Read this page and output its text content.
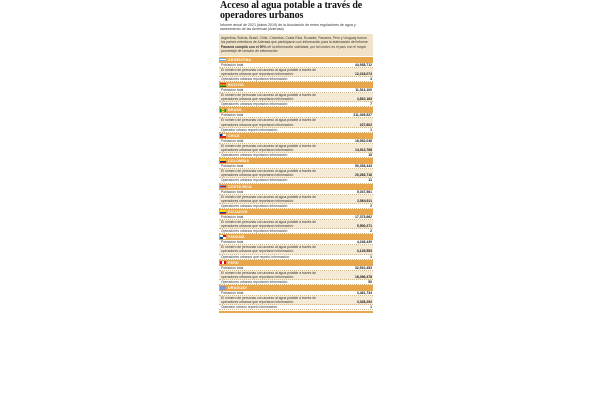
Acceso al agua potable a través de operadores urbanos
Informe anual de 2021 (datos 2019) de la Asociación de entes reguladores de agua y saneamiento de las Américas (Aderasa)

Argentina, Bolivia, Brasil, Chile, Colombia, Costa Rica, Ecuador, Panamá, Perú y Uruguay fueron los países miembros de Aderasa que participaron con información para la elaboración del informe.

Panamá cumplió con el 90% de la información solicitada, por tal motivo es el país con el mayor porcentaje de omisión de información.

ARGENTINA
Población total	44,938,712
El número de personas con acceso al agua potable a través de operadores urbanos que reportaron información:	12,218,074
Operadores urbanos reportaron información:	3
BOLIVIA
Población total	11,513,100
El número de personas con acceso al agua potable a través de operadores urbanos que reportaron información:	4,810,163
Operadores urbanos reportaron información:	7
BRASIL
Población total	211,049,527
El número de personas con acceso al agua potable a través de operadores urbanos que reportaron información:	227,602
Operador urbano reportó información:	1
CHILE
Población total	18,952,038
El número de personas con acceso al agua potable a través de operadores urbanos que reportaron información:	14,913,768
Operadores urbanos reportaron información:	15
COLOMBIA
Población total	50,339,443
El número de personas con acceso al agua potable a través de operadores urbanos que reportaron información:	20,263,716
Operadores urbanos reportaron información:	11
COSTA RICA
Población total	5,047,561
El número de personas con acceso al agua potable a través de operadores urbanos que reportaron información:	2,564,911
Operadores urbanos reportaron información:	2
ECUADOR
Población total	17,373,662
El número de personas con acceso al agua potable a través de operadores urbanos que reportaron información:	5,500,271
Operadores urbanos reportaron información:	2
PANAMÁ
Población total	4,246,439
El número de personas con acceso al agua potable a través de operadores urbanos que reportaron información:	3,129,553
Operadores urbanos que reportó información:	1
PERÚ
Población total	32,510,453
El número de personas con acceso al agua potable a través de operadores urbanos que reportaron información:	18,396,478
Operadores urbanos reportaron información:	50
URUGUAY
Población total	3,461,734
El número de personas con acceso al agua potable a través de operadores urbanos que reportaron información:	3,328,292
Operador urbano reportó información:	1
